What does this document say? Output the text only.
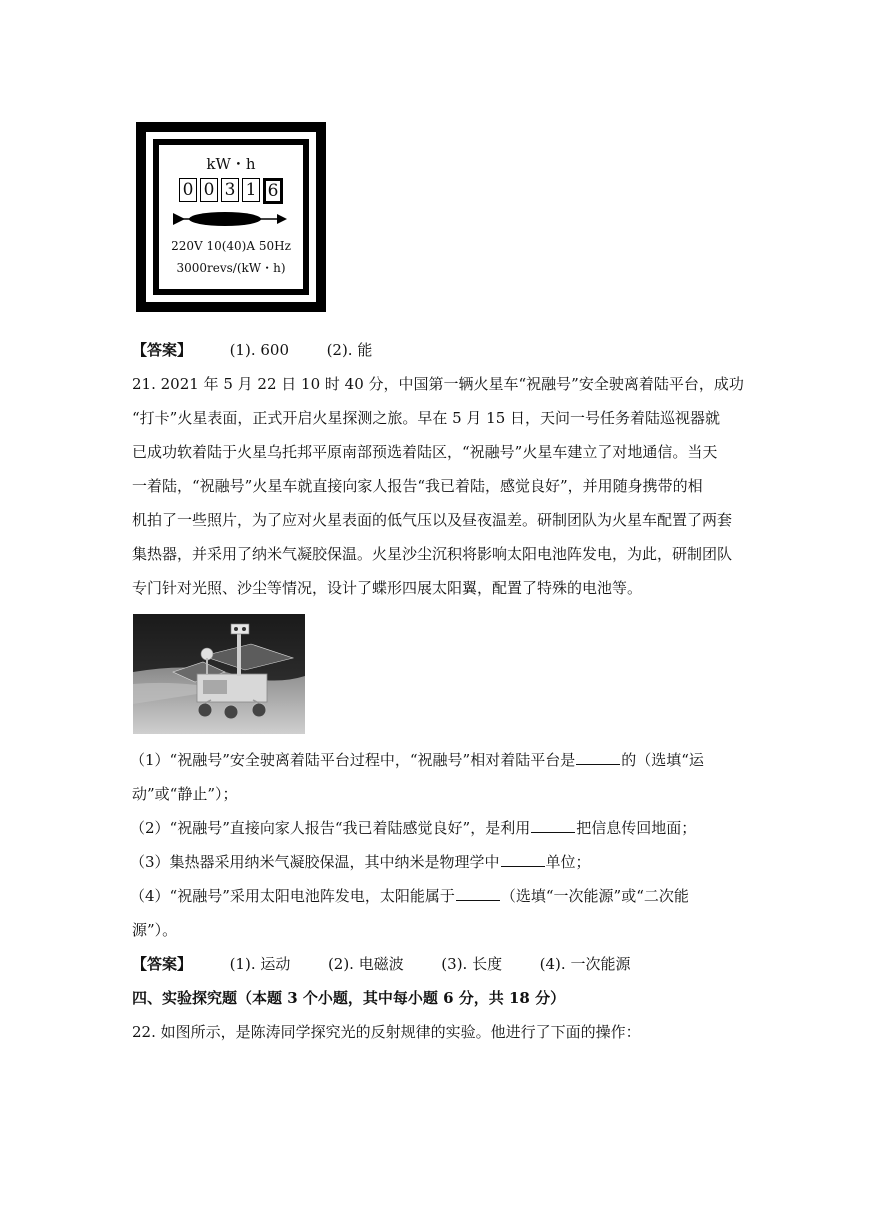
kW・h
0 0 3 1 6
220V 10(40)A 50Hz
3000revs/(kW・h)
【答案】	(1). 600	(2). 能
21. 2021 年 5 月 22 日 10 时 40 分，中国第一辆火星车“祝融号”安全驶离着陆平台，成功
“打卡”火星表面，正式开启火星探测之旅。早在 5 月 15 日，天问一号任务着陆巡视器就
已成功软着陆于火星乌托邦平原南部预选着陆区，“祝融号”火星车建立了对地通信。当天
一着陆，“祝融号”火星车就直接向家人报告“我已着陆，感觉良好”，并用随身携带的相
机拍了一些照片，为了应对火星表面的低气压以及昼夜温差。研制团队为火星车配置了两套
集热器，并采用了纳米气凝胶保温。火星沙尘沉积将影响太阳电池阵发电，为此，研制团队
专门针对光照、沙尘等情况，设计了蝶形四展太阳翼，配置了特殊的电池等。
（1）“祝融号”安全驶离着陆平台过程中，“祝融号”相对着陆平台是	的（选填“运
动”或“静止”）；
（2）“祝融号”直接向家人报告“我已着陆感觉良好”，是利用	把信息传回地面；
（3）集热器采用纳米气凝胶保温，其中纳米是物理学中	单位；
（4）“祝融号”采用太阳电池阵发电，太阳能属于	（选填“一次能源”或“二次能
源”）。
【答案】	(1). 运动	(2). 电磁波	(3). 长度	(4). 一次能源
四、实验探究题（本题 3 个小题，其中每小题 6 分，共 18 分）
22. 如图所示，是陈涛同学探究光的反射规律的实验。他进行了下面的操作：
